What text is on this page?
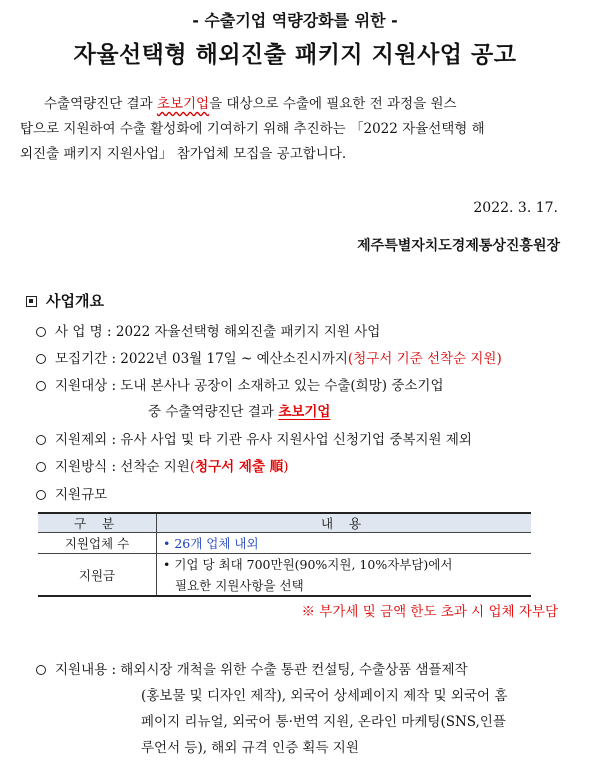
- 수출기업 역량강화를 위한 -
자율선택형 해외진출 패키지 지원사업 공고
수출역량진단 결과 초보기업을 대상으로 수출에 필요한 전 과정을 원스
탑으로 지원하여 수출 활성화에 기여하기 위해 추진하는 「2022 자율선택형 해
외진출 패키지 지원사업」 참가업체 모집을 공고합니다.
2022. 3. 17.
제주특별자치도경제통상진흥원장
사업개요
사 업 명 : 2022 자율선택형 해외진출 패키지 지원 사업
모집기간 : 2022년 03월 17일 ~ 예산소진시까지(청구서 기준 선착순 지원)
지원대상 : 도내 본사나 공장이 소재하고 있는 수출(희망) 중소기업
중 수출역량진단 결과 초보기업
지원제외 : 유사 사업 및 타 기관 유사 지원사업 신청기업 중복지원 제외
지원방식 : 선착순 지원(청구서 제출 順)
지원규모
구 분	내 용
지원업체 수	• 26개 업체 내외
지원금	• 기업 당 최대 700만원(90%지원, 10%자부담)에서
필요한 지원사항을 선택
※ 부가세 및 금액 한도 초과 시 업체 자부담
지원내용 : 해외시장 개척을 위한 수출 통관 컨설팅, 수출상품 샘플제작
(홍보물 및 디자인 제작), 외국어 상세페이지 제작 및 외국어 홈
페이지 리뉴얼, 외국어 통·번역 지원, 온라인 마케팅(SNS,인플
루언서 등), 해외 규격 인증 획득 지원
